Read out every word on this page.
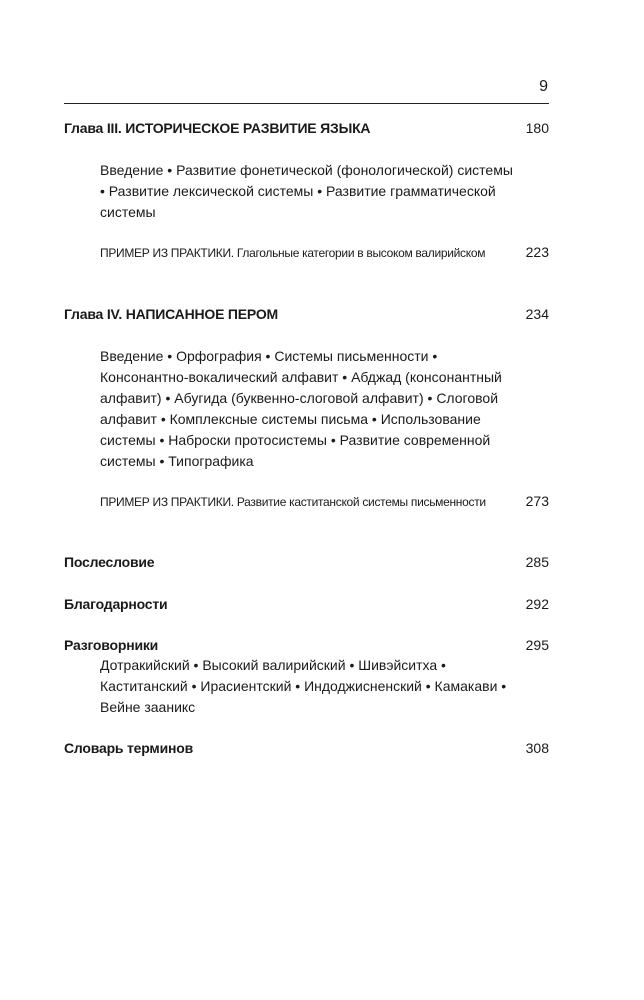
9
Глава III. ИСТОРИЧЕСКОЕ РАЗВИТИЕ ЯЗЫКА	180
Введение • Развитие фонетической (фонологической) системы • Развитие лексической системы • Развитие грамматической системы
ПРИМЕР ИЗ ПРАКТИКИ. Глагольные категории в высоком валирийском	223
Глава IV. НАПИСАННОЕ ПЕРОМ	234
Введение • Орфография • Системы письменности • Консонантно-вокалический алфавит • Абджад (консонантный алфавит) • Абугида (буквенно-слоговой алфавит) • Слоговой алфавит • Комплексные системы письма • Использование системы • Наброски протосистемы • Развитие современной системы • Типографика
ПРИМЕР ИЗ ПРАКТИКИ. Развитие каститанской системы письменности	273
Послесловие	285
Благодарности	292
Разговорники	295
Дотракийский • Высокий валирийский • Шивэйситха • Каститанский • Ирасиентский • Индоджисненский • Камакави • Вейне зааникс
Словарь терминов	308
